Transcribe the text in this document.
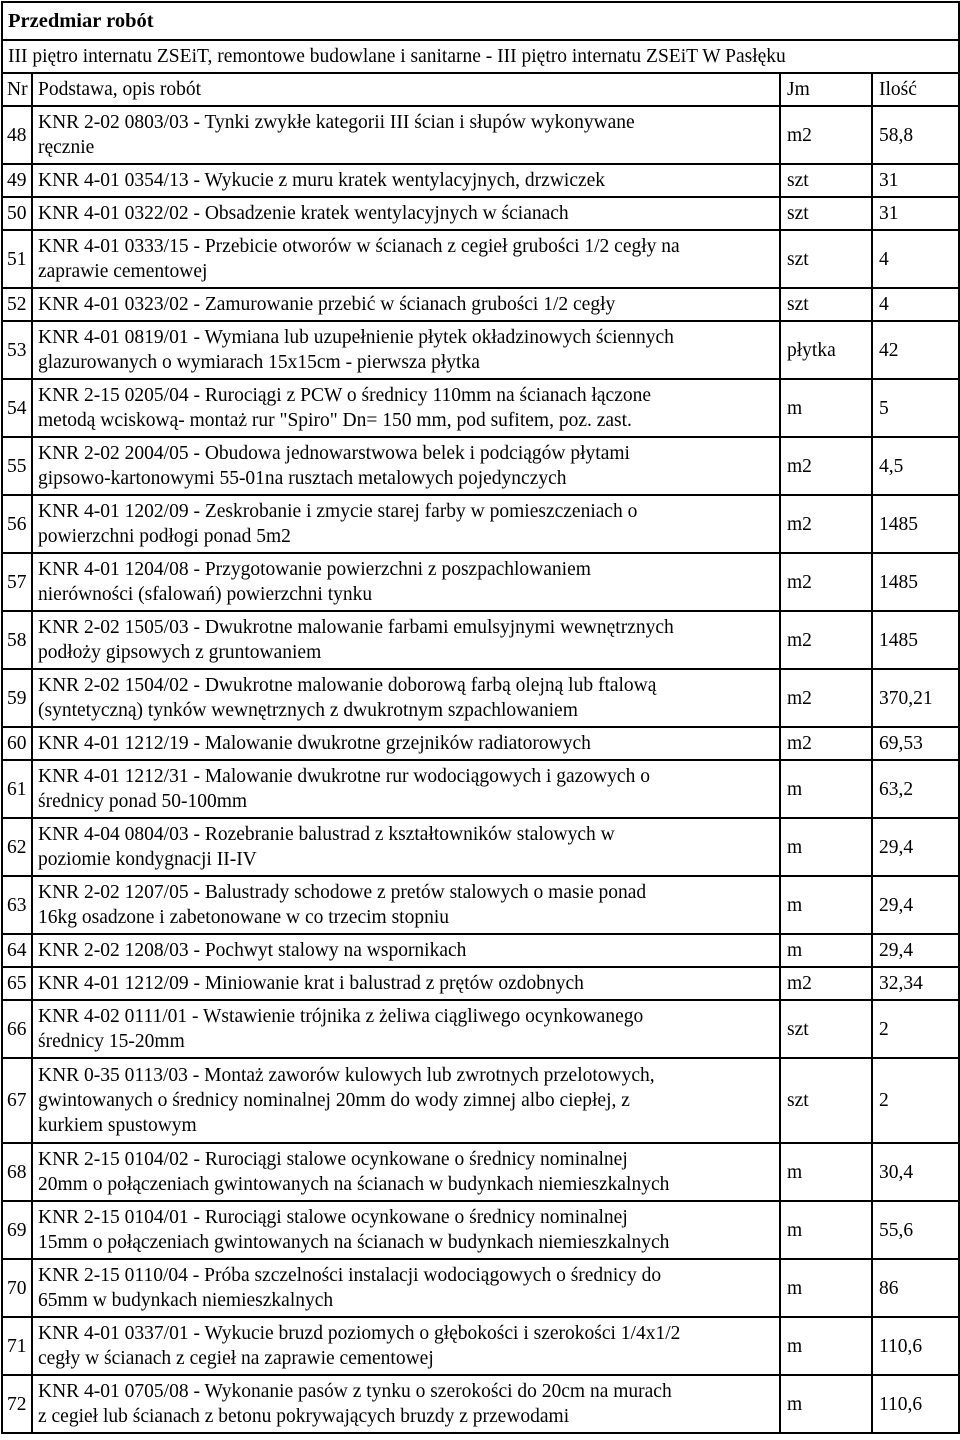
Przedmiar robót			
III piętro internatu ZSEiT, remontowe budowlane i sanitarne - III piętro internatu ZSEiT W Pasłęku			
Nr	Podstawa, opis robót	Jm	Ilość
48	KNR 2-02 0803/03 - Tynki zwykłe kategorii III ścian i słupów wykonywane
ręcznie	m2	58,8
49	KNR 4-01 0354/13 - Wykucie z muru kratek wentylacyjnych, drzwiczek	szt	31
50	KNR 4-01 0322/02 - Obsadzenie kratek wentylacyjnych w ścianach	szt	31
51	KNR 4-01 0333/15 - Przebicie otworów w ścianach z cegieł grubości 1/2 cegły na
zaprawie cementowej	szt	4
52	KNR 4-01 0323/02 - Zamurowanie przebić w ścianach grubości 1/2 cegły	szt	4
53	KNR 4-01 0819/01 - Wymiana lub uzupełnienie płytek okładzinowych ściennych
glazurowanych o wymiarach 15x15cm - pierwsza płytka	płytka	42
54	KNR 2-15 0205/04 - Rurociągi z PCW o średnicy 110mm na ścianach łączone
metodą wciskową- montaż rur "Spiro" Dn= 150 mm, pod sufitem, poz. zast.	m	5
55	KNR 2-02 2004/05 - Obudowa jednowarstwowa belek i podciągów płytami
gipsowo-kartonowymi 55-01na rusztach metalowych pojedynczych	m2	4,5
56	KNR 4-01 1202/09 - Zeskrobanie i zmycie starej farby w pomieszczeniach o
powierzchni podłogi ponad 5m2	m2	1485
57	KNR 4-01 1204/08 - Przygotowanie powierzchni z poszpachlowaniem
nierówności (sfalowań) powierzchni tynku	m2	1485
58	KNR 2-02 1505/03 - Dwukrotne malowanie farbami emulsyjnymi wewnętrznych
podłoży gipsowych z gruntowaniem	m2	1485
59	KNR 2-02 1504/02 - Dwukrotne malowanie doborową farbą olejną lub ftalową
(syntetyczną) tynków wewnętrznych z dwukrotnym szpachlowaniem	m2	370,21
60	KNR 4-01 1212/19 - Malowanie dwukrotne grzejników radiatorowych	m2	69,53
61	KNR 4-01 1212/31 - Malowanie dwukrotne rur wodociągowych i gazowych o
średnicy ponad 50-100mm	m	63,2
62	KNR 4-04 0804/03 - Rozebranie balustrad z kształtowników stalowych w
poziomie kondygnacji II-IV	m	29,4
63	KNR 2-02 1207/05 - Balustrady schodowe z pretów stalowych o masie ponad
16kg osadzone i zabetonowane w co trzecim stopniu	m	29,4
64	KNR 2-02 1208/03 - Pochwyt stalowy na wspornikach	m	29,4
65	KNR 4-01 1212/09 - Miniowanie krat i balustrad z prętów ozdobnych	m2	32,34
66	KNR 4-02 0111/01 - Wstawienie trójnika z żeliwa ciągliwego ocynkowanego
średnicy 15-20mm	szt	2
67	KNR 0-35 0113/03 - Montaż zaworów kulowych lub zwrotnych przelotowych,
gwintowanych o średnicy nominalnej 20mm do wody zimnej albo ciepłej, z
kurkiem spustowym	szt	2
68	KNR 2-15 0104/02 - Rurociągi stalowe ocynkowane o średnicy nominalnej
20mm o połączeniach gwintowanych na ścianach w budynkach niemieszkalnych	m	30,4
69	KNR 2-15 0104/01 - Rurociągi stalowe ocynkowane o średnicy nominalnej
15mm o połączeniach gwintowanych na ścianach w budynkach niemieszkalnych	m	55,6
70	KNR 2-15 0110/04 - Próba szczelności instalacji wodociągowych o średnicy do
65mm w budynkach niemieszkalnych	m	86
71	KNR 4-01 0337/01 - Wykucie bruzd poziomych o głębokości i szerokości 1/4x1/2
cegły w ścianach z cegieł na zaprawie cementowej	m	110,6
72	KNR 4-01 0705/08 - Wykonanie pasów z tynku o szerokości do 20cm na murach
z cegieł lub ścianach z betonu pokrywających bruzdy z przewodami	m	110,6
